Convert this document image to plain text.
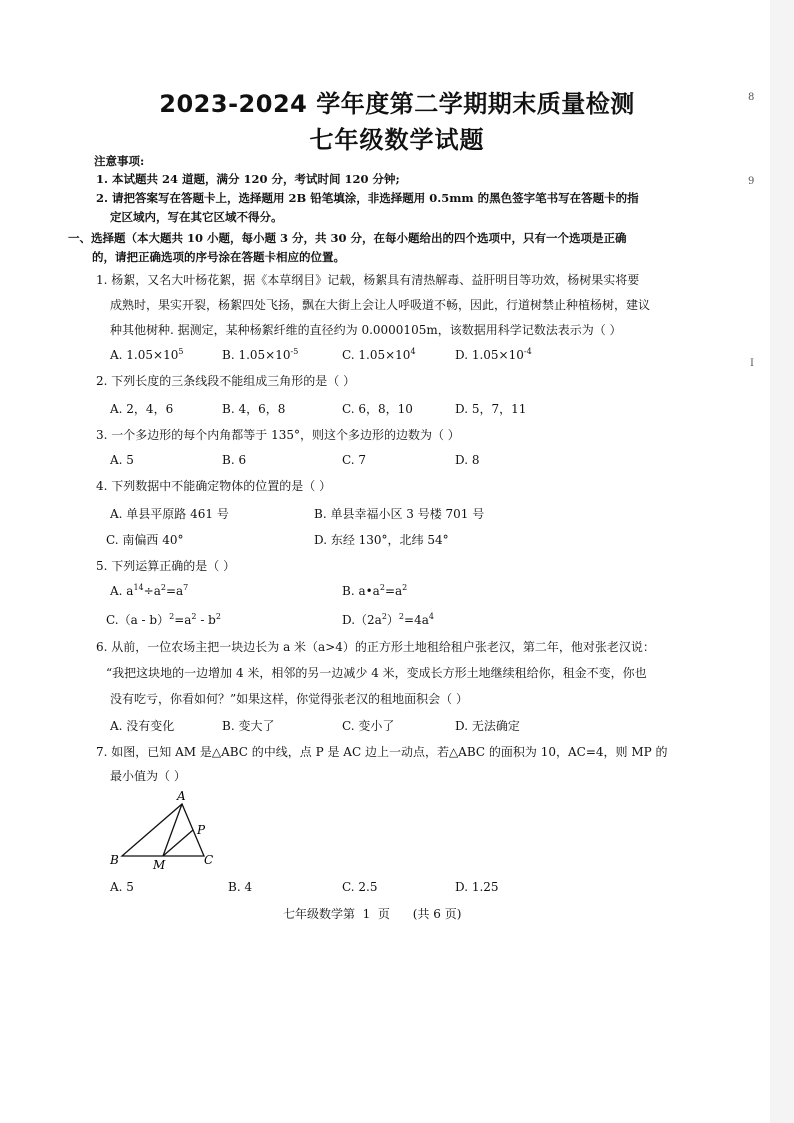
8
9
I
2023-2024 学年度第二学期期末质量检测
七年级数学试题
注意事项:
1. 本试题共 24 道题，满分 120 分，考试时间 120 分钟;
2. 请把答案写在答题卡上，选择题用 2B 铅笔填涂，非选择题用 0.5mm 的黑色签字笔书写在答题卡的指
定区域内，写在其它区域不得分。
一、选择题（本大题共 10 小题，每小题 3 分，共 30 分，在每小题给出的四个选项中，只有一个选项是正确
的，请把正确选项的序号涂在答题卡相应的位置。
1. 杨絮，又名大叶杨花絮，据《本草纲目》记载，杨絮具有清热解毒、益肝明目等功效，杨树果实将要
成熟时，果实开裂，杨絮四处飞扬，飘在大街上会让人呼吸道不畅，因此，行道树禁止种植杨树，建议
种其他树种. 据测定，某种杨絮纤维的直径约为 0.0000105m，该数据用科学记数法表示为（ ）
A. $1.05\times 10^5$	B. $1.05\times 10^{-5}$	C. $1.05\times 10^4$	D. $1.05\times 10^{-4}$
2. 下列长度的三条线段不能组成三角形的是（ ）
A. 2，4，6	B. 4，6，8	C. 6，8，10	D. 5，7，11
3. 一个多边形的每个内角都等于 135°，则这个多边形的边数为（ ）
A. 5	B. 6	C. 7	D. 8
4. 下列数据中不能确定物体的位置的是（ ）
A. 单县平原路 461 号	B. 单县幸福小区 3 号楼 701 号
C. 南偏西 40°	D. 东经 130°，北纬 54°
5. 下列运算正确的是（ ）
A. $a^{14}\div a^2=a^7$	B. $a•a^2=a^2$
$C.(a - b)^2=a^2 - b^2$	$D.(2a^2)^2=4a^4$
6. 从前，一位农场主把一块边长为 a 米（a>4）的正方形土地租给租户张老汉，第二年，他对张老汉说：
“我把这块地的一边增加 4 米，相邻的另一边减少 4 米，变成长方形土地继续租给你，租金不变，你也
没有吃亏，你看如何？”如果这样，你觉得张老汉的租地面积会（ ）
A. 没有变化	B. 变大了	C. 变小了	D. 无法确定
7. 如图，已知 AM 是△ABC 的中线，点 P 是 AC 边上一动点，若△ABC 的面积为 10，AC=4，则 MP 的
最小值为（ ）
A
B	C
M
P
A. 5	B. 4	C. 2.5	D. 1.25
七年级数学第  1  页      (共 6 页)
